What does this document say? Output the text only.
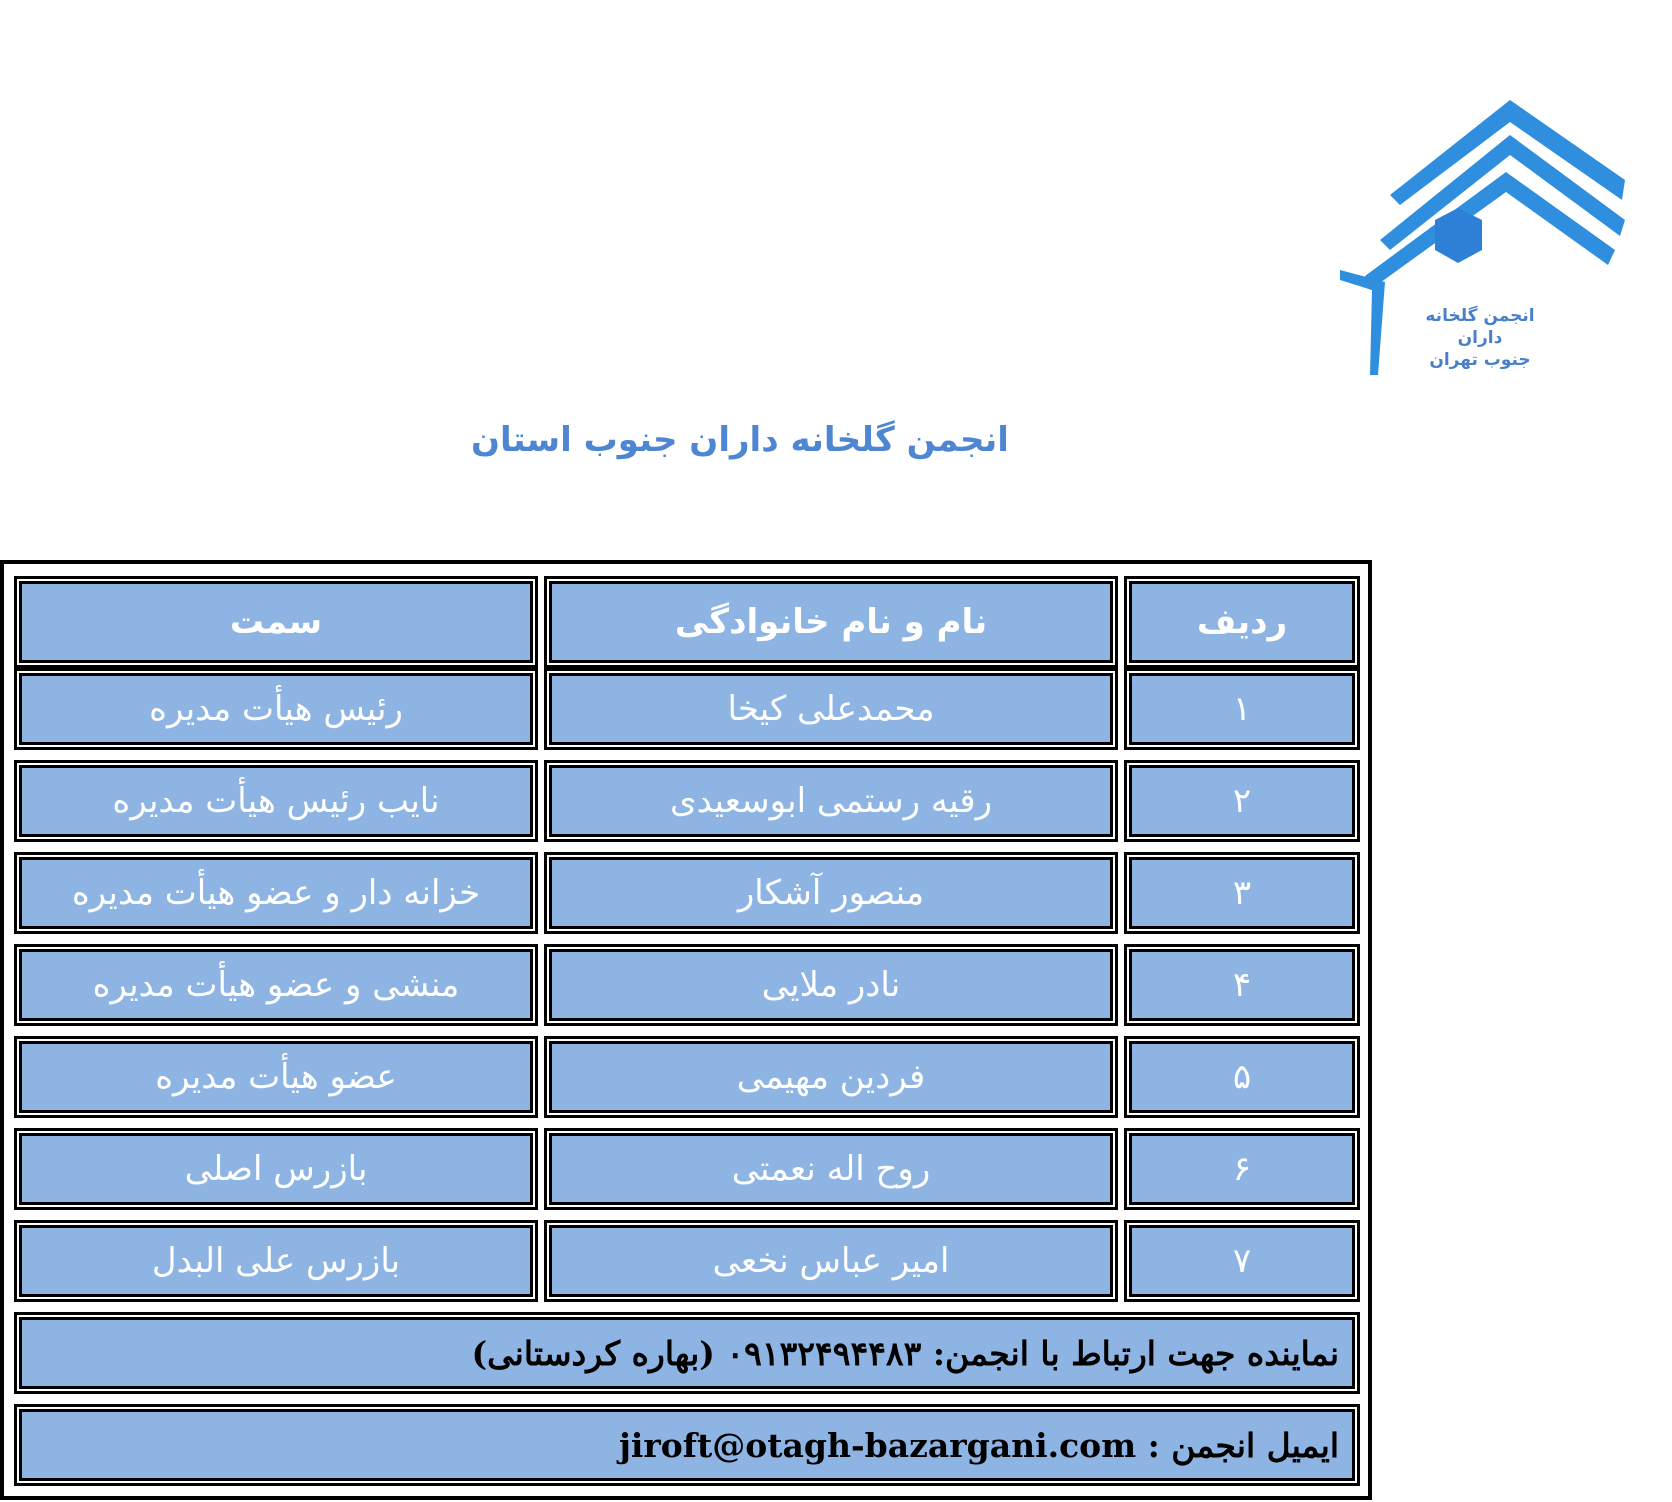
انجمن گلخانه داران
جنوب تهران
انجمن گلخانه داران جنوب استان
ردیف
نام و نام خانوادگی
سمت
۱
محمدعلی کیخا
رئیس هیأت مدیره
۲
رقیه رستمی ابوسعیدی
نایب رئیس هیأت مدیره
۳
منصور آشکار
خزانه دار و عضو هیأت مدیره
۴
نادر ملایی
منشی و عضو هیأت مدیره
۵
فردین مهیمی
عضو هیأت مدیره
۶
روح اله نعمتی
بازرس اصلی
۷
امیر عباس نخعی
بازرس علی البدل
نماینده جهت ارتباط با انجمن: ۰۹۱۳۲۴۹۴۴۸۳ (بهاره کردستانی)
ایمیل انجمن : jiroft@otagh-bazargani.com
